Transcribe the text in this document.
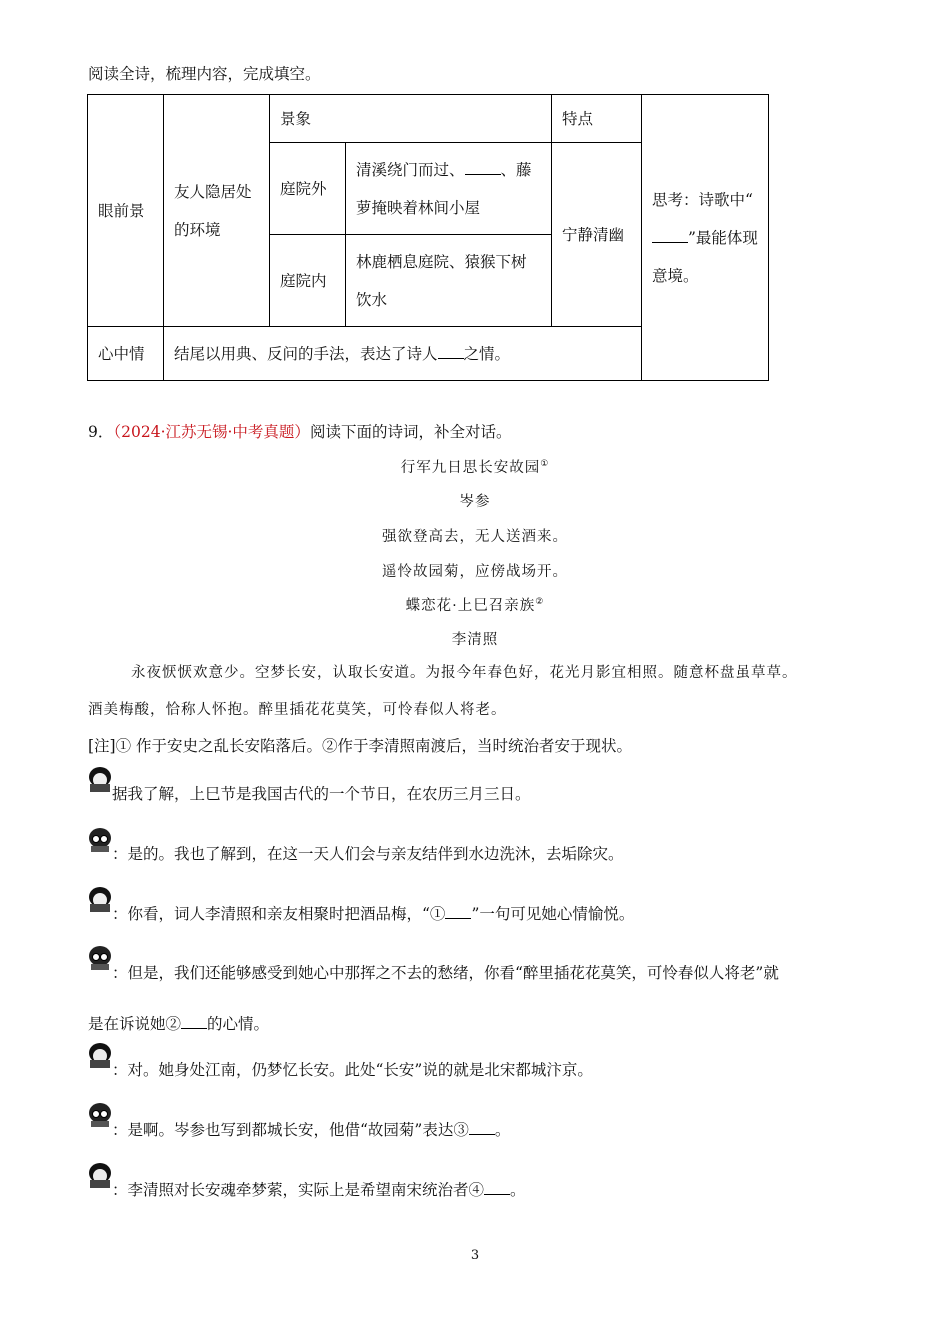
阅读全诗，梳理内容，完成填空。
眼前景	友人隐居处的环境	景象		特点	思考：诗歌中“”最能体现意境。
		庭院外	清溪绕门而过、 、藤萝掩映着林间小屋	宁静清幽	
		庭院内	林鹿栖息庭院、猿猴下树饮水		
心中情	结尾以用典、反问的手法，表达了诗人 之情。				
9．（2024·江苏无锡·中考真题）阅读下面的诗词，补全对话。
行军九日思长安故园①
岑参
强欲登高去，无人送酒来。
遥怜故园菊，应傍战场开。
蝶恋花·上巳召亲族②
李清照
永夜恹恹欢意少。空梦长安，认取长安道。为报今年春色好，花光月影宜相照。随意杯盘虽草草。
酒美梅酸，恰称人怀抱。醉里插花花莫笑，可怜春似人将老。
[注]① 作于安史之乱长安陷落后。②作于李清照南渡后，当时统治者安于现状。
据我了解，上巳节是我国古代的一个节日，在农历三月三日。
：是的。我也了解到，在这一天人们会与亲友结伴到水边洗沐，去垢除灾。
：你看，词人李清照和亲友相聚时把酒品梅，“① ”一句可见她心情愉悦。
：但是，我们还能够感受到她心中那挥之不去的愁绪，你看“醉里插花花莫笑，可怜春似人将老”就
是在诉说她② 的心情。
：对。她身处江南，仍梦忆长安。此处“长安”说的就是北宋都城汴京。
：是啊。岑参也写到都城长安，他借“故园菊”表达③ 。
：李清照对长安魂牵梦萦，实际上是希望南宋统治者④ 。
3
